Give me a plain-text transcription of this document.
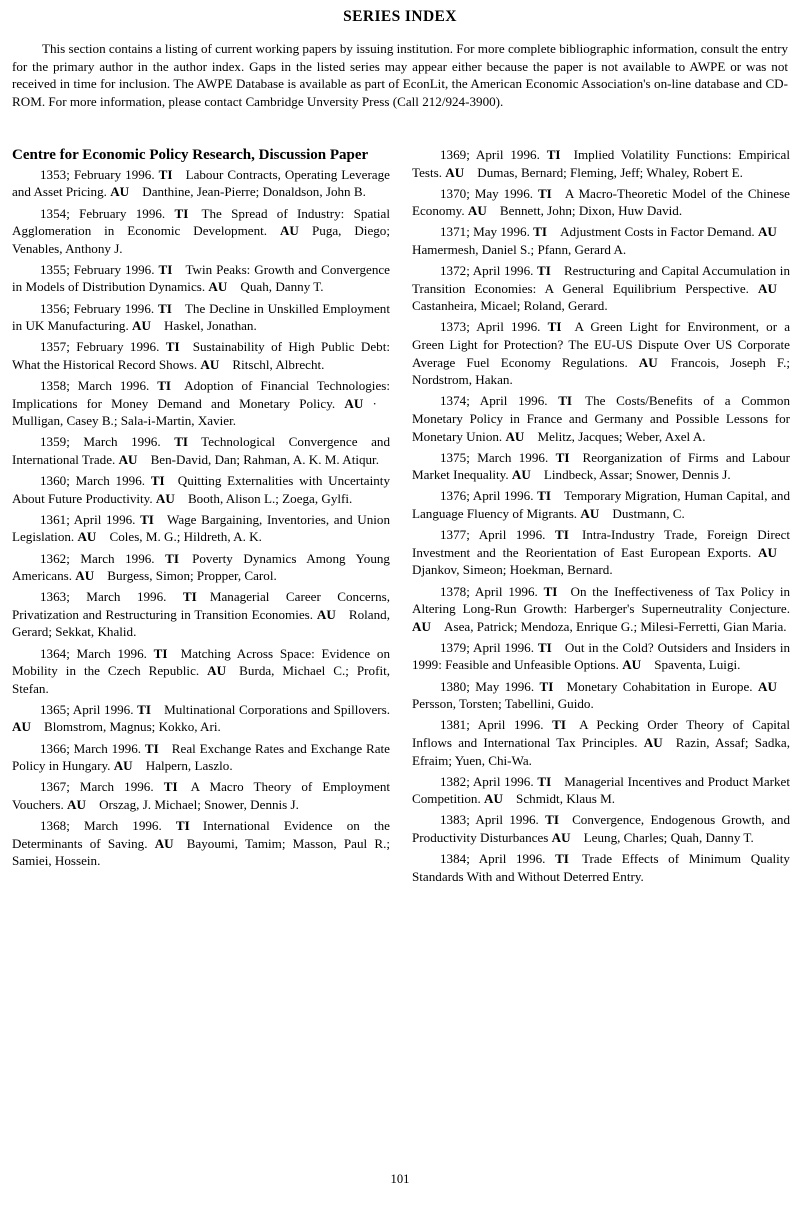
SERIES INDEX

This section contains a listing of current working papers by issuing institution. For more complete bibliographic information, consult the entry for the primary author in the author index. Gaps in the listed series may appear either because the paper is not available to AWPE or was not received in time for inclusion. The AWPE Database is available as part of EconLit, the American Economic Association's on-line database and CD-ROM. For more information, please contact Cambridge Unversity Press (Call 212/924-3900).

Centre for Economic Policy Research, Discussion Paper

1353; February 1996. TI   Labour Contracts, Operating Leverage and Asset Pricing. AU   Danthine, Jean-Pierre; Donaldson, John B.

1354; February 1996. TI   The Spread of Industry: Spatial Agglomeration in Economic Development. AU   Puga, Diego; Venables, Anthony J.

1355; February 1996. TI   Twin Peaks: Growth and Convergence in Models of Distribution Dynamics. AU   Quah, Danny T.

1356; February 1996. TI   The Decline in Unskilled Employment in UK Manufacturing. AU   Haskel, Jonathan.

1357; February 1996. TI   Sustainability of High Public Debt: What the Historical Record Shows. AU   Ritschl, Albrecht.

1358; March 1996. TI   Adoption of Financial Technologies: Implications for Money Demand and Monetary Policy. AU ·  Mulligan, Casey B.; Sala-i-Martin, Xavier.

1359; March 1996. TI   Technological Convergence and International Trade. AU   Ben-David, Dan; Rahman, A. K. M. Atiqur.

1360; March 1996. TI   Quitting Externalities with Uncertainty About Future Productivity. AU   Booth, Alison L.; Zoega, Gylfi.

1361; April 1996. TI   Wage Bargaining, Inventories, and Union Legislation. AU   Coles, M. G.; Hildreth, A. K.

1362; March 1996. TI   Poverty Dynamics Among Young Americans. AU   Burgess, Simon; Propper, Carol.

1363; March 1996. TI   Managerial Career Concerns, Privatization and Restructuring in Transition Economies. AU   Roland, Gerard; Sekkat, Khalid.

1364; March 1996. TI   Matching Across Space: Evidence on Mobility in the Czech Republic. AU   Burda, Michael C.; Profit, Stefan.

1365; April 1996. TI   Multinational Corporations and Spillovers. AU   Blomstrom, Magnus; Kokko, Ari.

1366; March 1996. TI   Real Exchange Rates and Exchange Rate Policy in Hungary. AU   Halpern, Laszlo.

1367; March 1996. TI   A Macro Theory of Employment Vouchers. AU   Orszag, J. Michael; Snower, Dennis J.

1368; March 1996. TI   International Evidence on the Determinants of Saving. AU   Bayoumi, Tamim; Masson, Paul R.; Samiei, Hossein.

1369; April 1996. TI   Implied Volatility Functions: Empirical Tests. AU   Dumas, Bernard; Fleming, Jeff; Whaley, Robert E.

1370; May 1996. TI   A Macro-Theoretic Model of the Chinese Economy. AU   Bennett, John; Dixon, Huw David.

1371; May 1996. TI   Adjustment Costs in Factor Demand. AU  Hamermesh, Daniel S.; Pfann, Gerard A.

1372; April 1996. TI   Restructuring and Capital Accumulation in Transition Economies: A General Equilibrium Perspective. AU  Castanheira, Micael; Roland, Gerard.

1373; April 1996. TI   A Green Light for Environment, or a Green Light for Protection? The EU-US Dispute Over US Corporate Average Fuel Economy Regulations. AU   Francois, Joseph F.; Nordstrom, Hakan.

1374; April 1996. TI   The Costs/Benefits of a Common Monetary Policy in France and Germany and Possible Lessons for Monetary Union. AU   Melitz, Jacques; Weber, Axel A.

1375; March 1996. TI   Reorganization of Firms and Labour Market Inequality. AU   Lindbeck, Assar; Snower, Dennis J.

1376; April 1996. TI   Temporary Migration, Human Capital, and Language Fluency of Migrants. AU   Dustmann, C.

1377; April 1996. TI   Intra-Industry Trade, Foreign Direct Investment and the Reorientation of East European Exports. AU  Djankov, Simeon; Hoekman, Bernard.

1378; April 1996. TI   On the Ineffectiveness of Tax Policy in Altering Long-Run Growth: Harberger's Superneutrality Conjecture. AU   Asea, Patrick; Mendoza, Enrique G.; Milesi-Ferretti, Gian Maria.

1379; April 1996. TI   Out in the Cold? Outsiders and Insiders in 1999: Feasible and Unfeasible Options. AU   Spaventa, Luigi.

1380; May 1996. TI   Monetary Cohabitation in Europe. AU  Persson, Torsten; Tabellini, Guido.

1381; April 1996. TI   A Pecking Order Theory of Capital Inflows and International Tax Principles. AU   Razin, Assaf; Sadka, Efraim; Yuen, Chi-Wa.

1382; April 1996. TI   Managerial Incentives and Product Market Competition. AU   Schmidt, Klaus M.

1383; April 1996. TI   Convergence, Endogenous Growth, and Productivity Disturbances AU   Leung, Charles; Quah, Danny T.

1384; April 1996. TI   Trade Effects of Minimum Quality Standards With and Without Deterred Entry.

101
